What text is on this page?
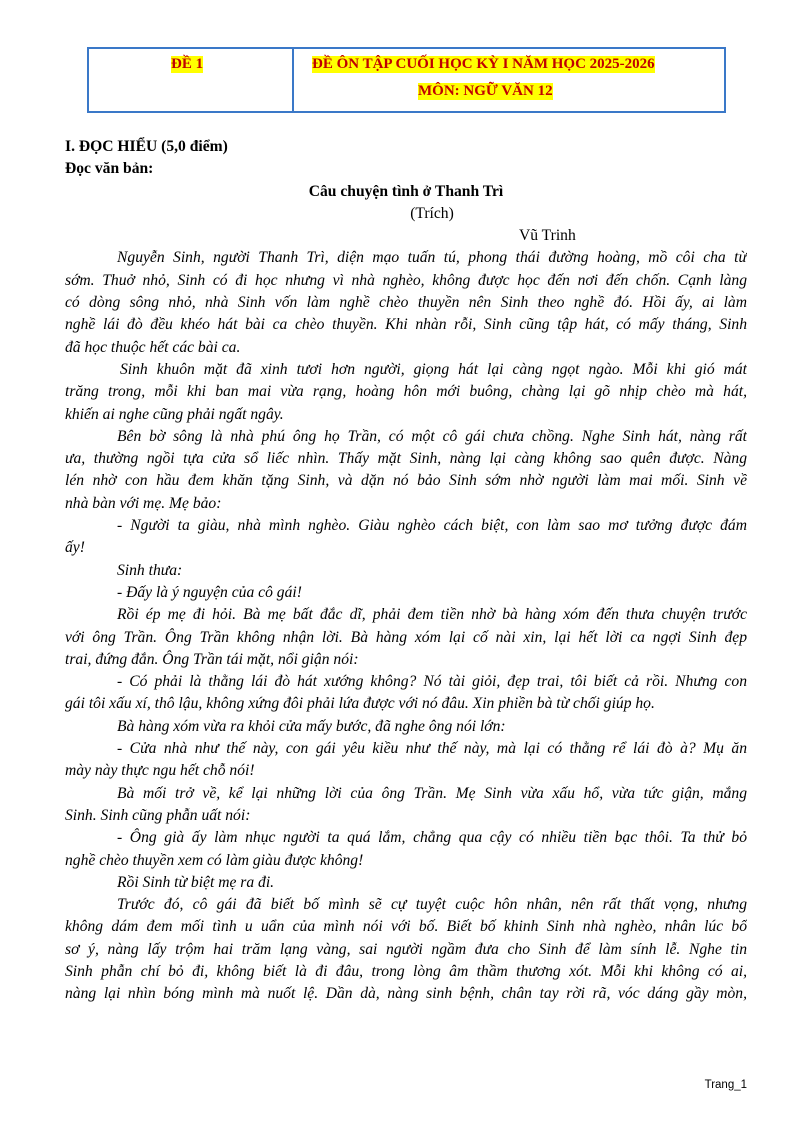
ĐỀ 1	ĐỀ ÔN TẬP CUỐI HỌC KỲ I NĂM HỌC 2025-2026
MÔN: NGỮ VĂN 12
I. ĐỌC HIỂU (5,0 điểm)
Đọc văn bản:
Câu chuyện tình ở Thanh Trì
(Trích)
Vũ Trinh
Nguyễn Sinh, người Thanh Trì, diện mạo tuấn tú, phong thái đường hoàng, mồ côi cha từ
sớm. Thuở nhỏ, Sinh có đi học nhưng vì nhà nghèo, không được học đến nơi đến chốn. Cạnh làng
có dòng sông nhỏ, nhà Sinh vốn làm nghề chèo thuyền nên Sinh theo nghề đó. Hồi ấy, ai làm
nghề lái đò đều khéo hát bài ca chèo thuyền. Khi nhàn rỗi, Sinh cũng tập hát, có mấy tháng, Sinh
đã học thuộc hết các bài ca.
Sinh khuôn mặt đã xinh tươi hơn người, giọng hát lại càng ngọt ngào. Mỗi khi gió mát
trăng trong, mỗi khi ban mai vừa rạng, hoàng hôn mới buông, chàng lại gõ nhịp chèo mà hát,
khiến ai nghe cũng phải ngất ngây.
Bên bờ sông là nhà phú ông họ Trần, có một cô gái chưa chồng. Nghe Sinh hát, nàng rất
ưa, thường ngồi tựa cửa sổ liếc nhìn. Thấy mặt Sinh, nàng lại càng không sao quên được. Nàng
lén nhờ con hầu đem khăn tặng Sinh, và dặn nó bảo Sinh sớm nhờ người làm mai mối. Sinh về
nhà bàn với mẹ. Mẹ bảo:
- Người ta giàu, nhà mình nghèo. Giàu nghèo cách biệt, con làm sao mơ tưởng được đám
ấy!
Sinh thưa:
- Đấy là ý nguyện của cô gái!
Rồi ép mẹ đi hỏi. Bà mẹ bất đắc dĩ, phải đem tiền nhờ bà hàng xóm đến thưa chuyện trước
với ông Trần. Ông Trần không nhận lời. Bà hàng xóm lại cố nài xin, lại hết lời ca ngợi Sinh đẹp
trai, đứng đắn. Ông Trần tái mặt, nổi giận nói:
- Có phải là thằng lái đò hát xướng không? Nó tài giỏi, đẹp trai, tôi biết cả rồi. Nhưng con
gái tôi xấu xí, thô lậu, không xứng đôi phải lứa được với nó đâu. Xin phiền bà từ chối giúp họ.
Bà hàng xóm vừa ra khỏi cửa mấy bước, đã nghe ông nói lớn:
- Cửa nhà như thế này, con gái yêu kiều như thế này, mà lại có thằng rể lái đò à? Mụ ăn
mày này thực ngu hết chỗ nói!
Bà mối trở về, kể lại những lời của ông Trần. Mẹ Sinh vừa xấu hổ, vừa tức giận, mắng
Sinh. Sinh cũng phẫn uất nói:
- Ông già ấy làm nhục người ta quá lắm, chẳng qua cậy có nhiều tiền bạc thôi. Ta thử bỏ
nghề chèo thuyền xem có làm giàu được không!
Rồi Sinh từ biệt mẹ ra đi.
Trước đó, cô gái đã biết bố mình sẽ cự tuyệt cuộc hôn nhân, nên rất thất vọng, nhưng
không dám đem mối tình u uẩn của mình nói với bố. Biết bố khinh Sinh nhà nghèo, nhân lúc bố
sơ ý, nàng lấy trộm hai trăm lạng vàng, sai người ngầm đưa cho Sinh để làm sính lễ. Nghe tin
Sinh phẫn chí bỏ đi, không biết là đi đâu, trong lòng âm thầm thương xót. Mỗi khi không có ai,
nàng lại nhìn bóng mình mà nuốt lệ. Dần dà, nàng sinh bệnh, chân tay rời rã, vóc dáng gầy mòn,
Trang_1
